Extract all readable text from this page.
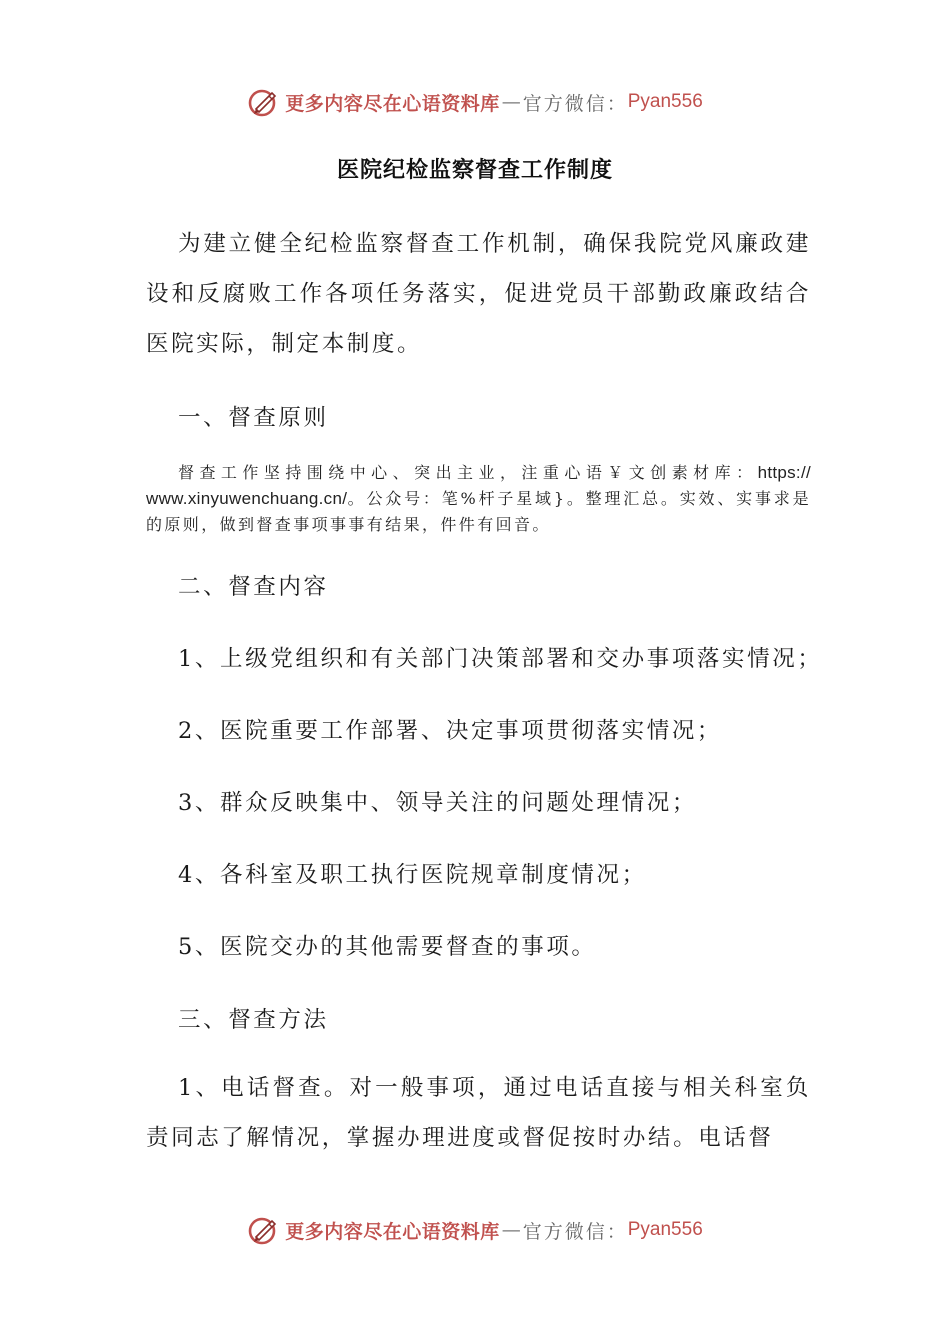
更多内容尽在心语资料库 — 官方微信： Pyan556
医院纪检监察督查工作制度
为建立健全纪检监察督查工作机制，确保我院党风廉政建设和反腐败工作各项任务落实，促进党员干部勤政廉政结合医院实际，制定本制度。
一、督查原则
督查工作坚持围绕中心、突出主业，注重心语￥文创素材库：https:// www.xinyuwenchuang.cn/。公众号：笔%杆子星域}。整理汇总。实效、实事求是的原则，做到督查事项事事有结果，件件有回音。
二、督查内容
1、上级党组织和有关部门决策部署和交办事项落实情况；
2、医院重要工作部署、决定事项贯彻落实情况；
3、群众反映集中、领导关注的问题处理情况；
4、各科室及职工执行医院规章制度情况；
5、医院交办的其他需要督查的事项。
三、督查方法
1、电话督查。对一般事项，通过电话直接与相关科室负责同志了解情况，掌握办理进度或督促按时办结。电话督
更多内容尽在心语资料库 — 官方微信： Pyan556
